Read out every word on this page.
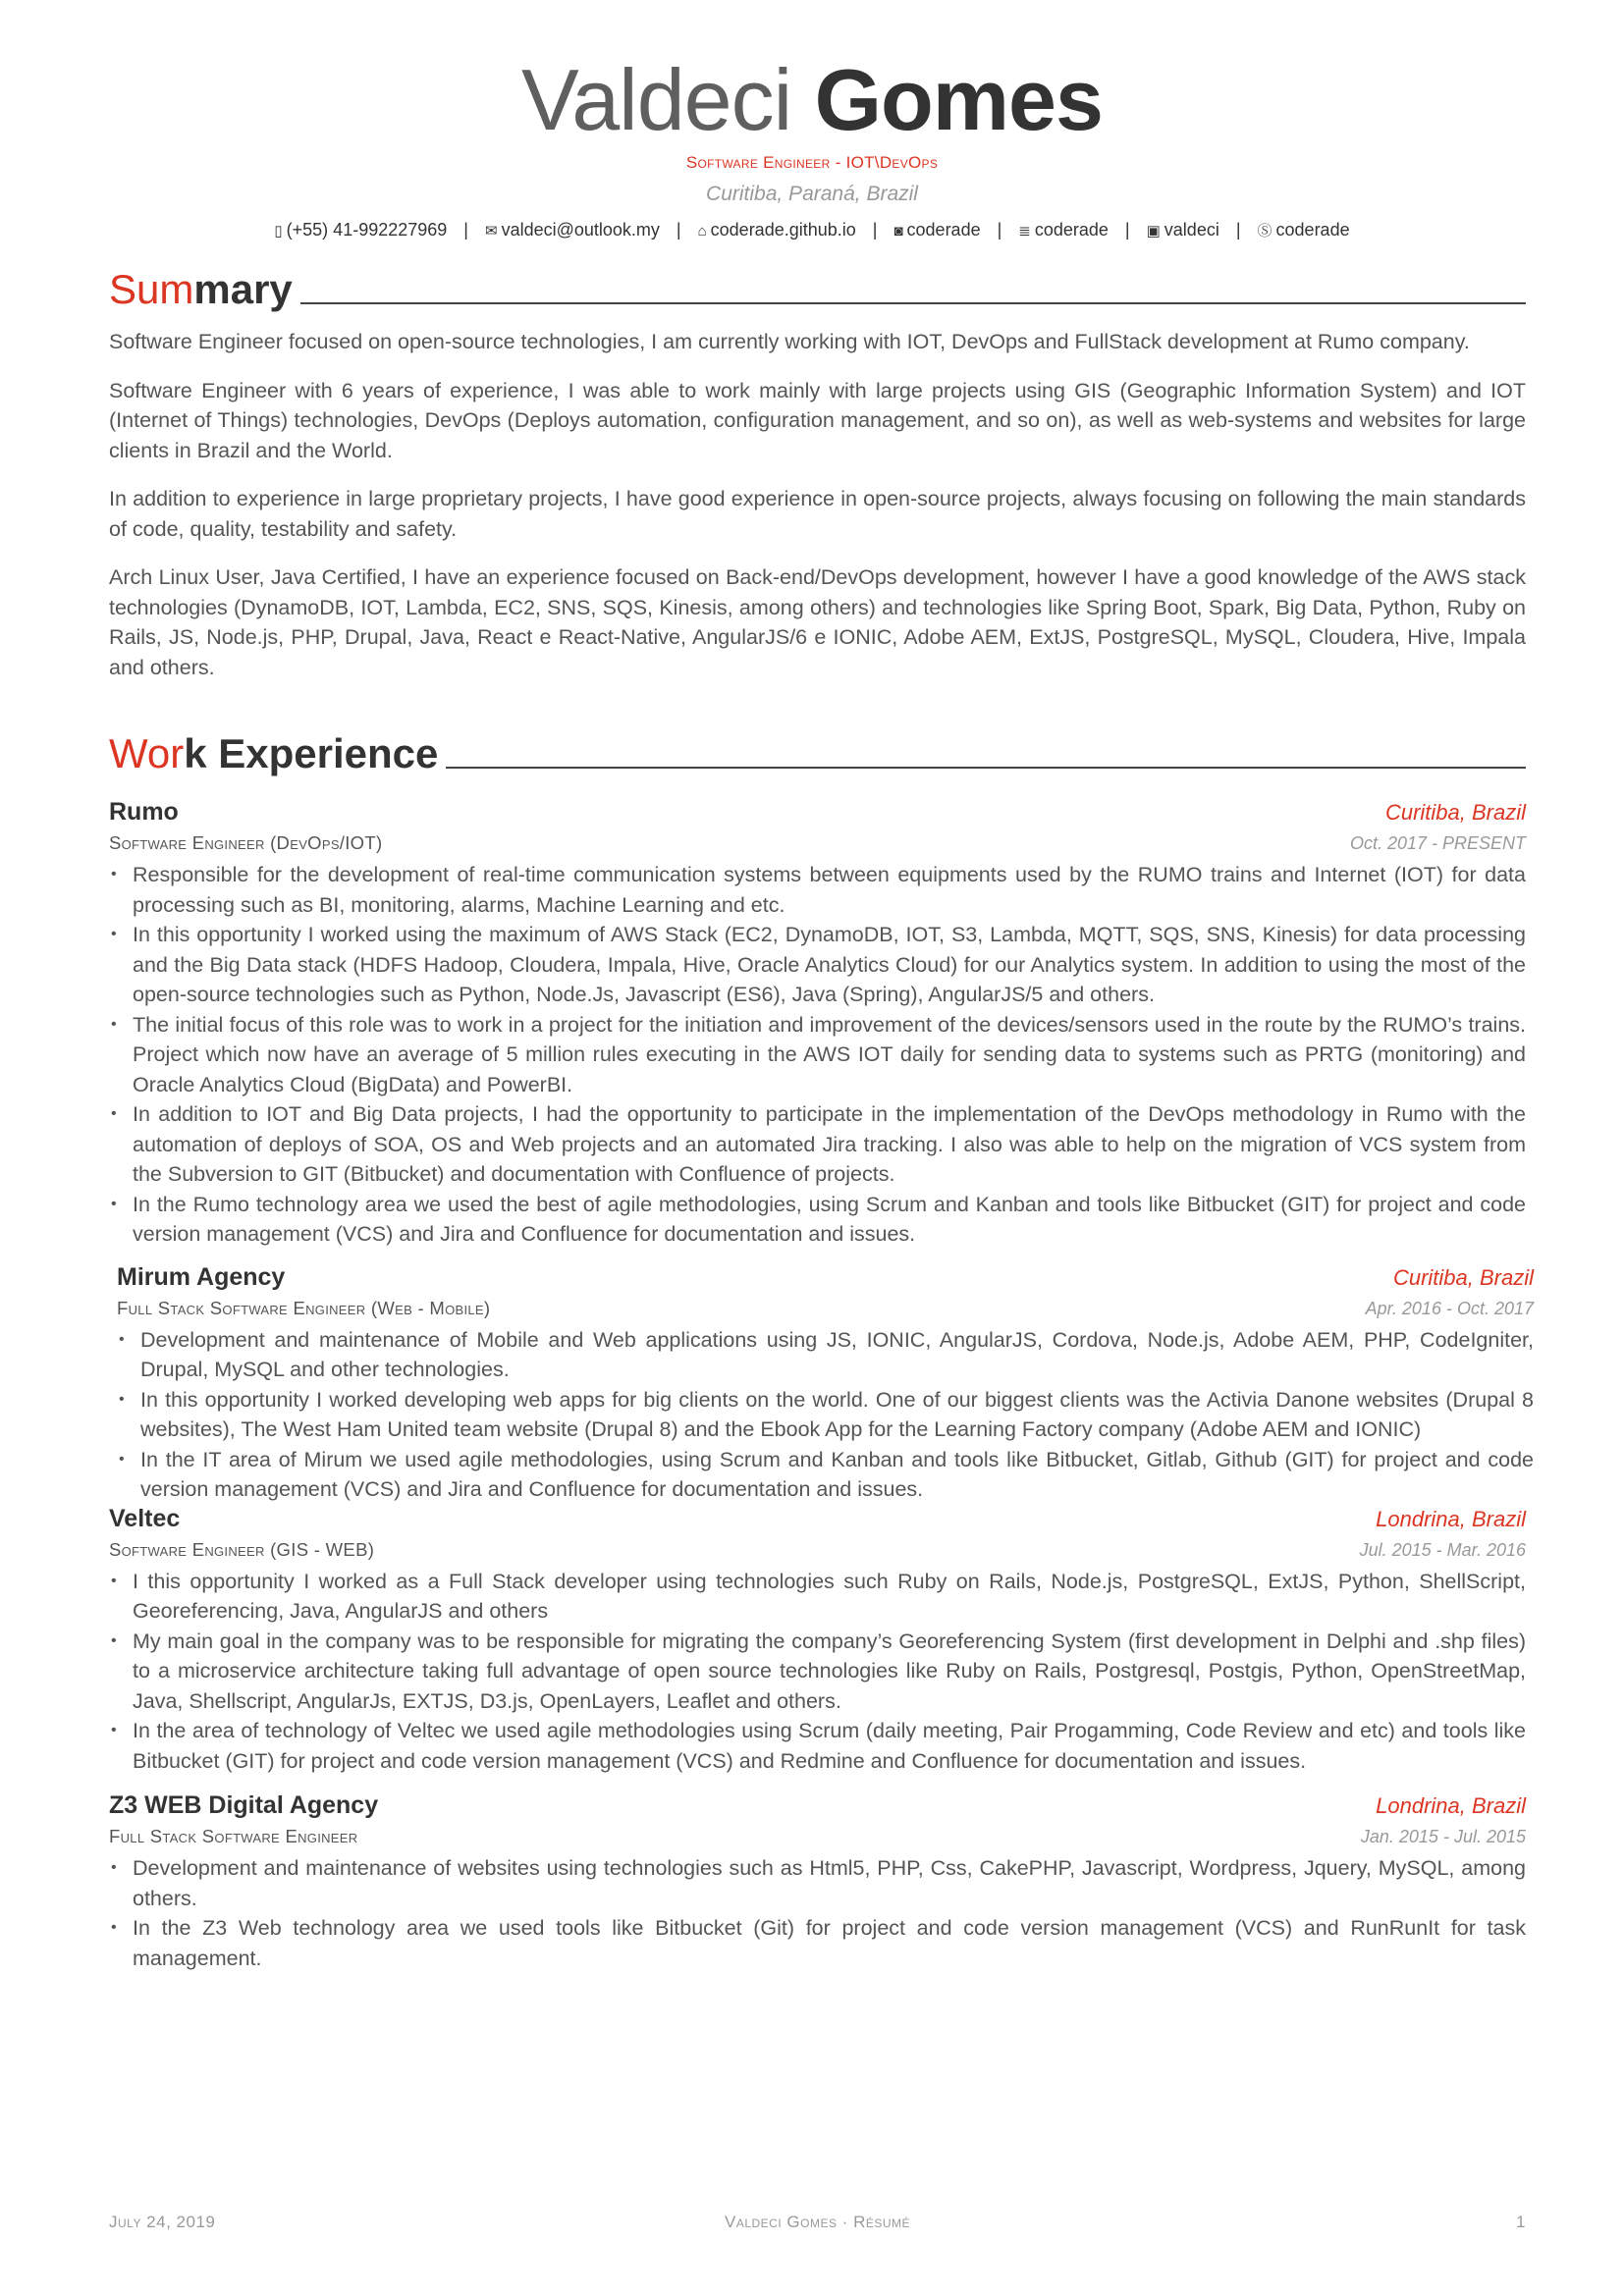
Valdeci Gomes
Software Engineer - IOT\DevOps
Curitiba, Paraná, Brazil
▯ (+55) 41-992227969 | ✉ valdeci@outlook.my | ⌂ coderade.github.io | ◙ coderade | ≣ coderade | ▣ valdeci | Ⓢ coderade
Sum mary

Software Engineer focused on open-source technologies, I am currently working with IOT, DevOps and FullStack development at Rumo company.

Software Engineer with 6 years of experience, I was able to work mainly with large projects using GIS (Geographic Information System) and IOT (Internet of Things) technologies, DevOps (Deploys automation, configuration management, and so on), as well as web-systems and websites for large clients in Brazil and the World.

In addition to experience in large proprietary projects, I have good experience in open-source projects, always focusing on following the main standards of code, quality, testability and safety.

Arch Linux User, Java Certified, I have an experience focused on Back-end/DevOps development, however I have a good knowledge of the AWS stack technologies (DynamoDB, IOT, Lambda, EC2, SNS, SQS, Kinesis, among others) and technologies like Spring Boot, Spark, Big Data, Python, Ruby on Rails, JS, Node.js, PHP, Drupal, Java, React e React-Native, AngularJS/6 e IONIC, Adobe AEM, ExtJS, PostgreSQL, MySQL, Cloudera, Hive, Impala and others.

Wor k Experience
Rumo	Curitiba, Brazil
Software Engineer (DevOps/IOT)	Oct. 2017 - PRESENT
• Responsible for the development of real-time communication systems between equipments used by the RUMO trains and Internet (IOT) for data processing such as BI, monitoring, alarms, Machine Learning and etc.
• In this opportunity I worked using the maximum of AWS Stack (EC2, DynamoDB, IOT, S3, Lambda, MQTT, SQS, SNS, Kinesis) for data processing and the Big Data stack (HDFS Hadoop, Cloudera, Impala, Hive, Oracle Analytics Cloud) for our Analytics system. In addition to using the most of the open-source technologies such as Python, Node.Js, Javascript (ES6), Java (Spring), AngularJS/5 and others.
• The initial focus of this role was to work in a project for the initiation and improvement of the devices/sensors used in the route by the RUMO’s trains. Project which now have an average of 5 million rules executing in the AWS IOT daily for sending data to systems such as PRTG (monitoring) and Oracle Analytics Cloud (BigData) and PowerBI.
• In addition to IOT and Big Data projects, I had the opportunity to participate in the implementation of the DevOps methodology in Rumo with the automation of deploys of SOA, OS and Web projects and an automated Jira tracking. I also was able to help on the migration of VCS system from the Subversion to GIT (Bitbucket) and documentation with Confluence of projects.
• In the Rumo technology area we used the best of agile methodologies, using Scrum and Kanban and tools like Bitbucket (GIT) for project and code version management (VCS) and Jira and Confluence for documentation and issues.
Mirum Agency	Curitiba, Brazil
Full Stack Software Engineer (Web - Mobile)	Apr. 2016 - Oct. 2017
• Development and maintenance of Mobile and Web applications using JS, IONIC, AngularJS, Cordova, Node.js, Adobe AEM, PHP, CodeIgniter, Drupal, MySQL and other technologies.
• In this opportunity I worked developing web apps for big clients on the world. One of our biggest clients was the Activia Danone websites (Drupal 8 websites), The West Ham United team website (Drupal 8) and the Ebook App for the Learning Factory company (Adobe AEM and IONIC)
• In the IT area of Mirum we used agile methodologies, using Scrum and Kanban and tools like Bitbucket, Gitlab, Github (GIT) for project and code version management (VCS) and Jira and Confluence for documentation and issues.
Veltec	Londrina, Brazil
Software Engineer (GIS - WEB)	Jul. 2015 - Mar. 2016
• I this opportunity I worked as a Full Stack developer using technologies such Ruby on Rails, Node.js, PostgreSQL, ExtJS, Python, ShellScript, Georeferencing, Java, AngularJS and others
• My main goal in the company was to be responsible for migrating the company’s Georeferencing System (first development in Delphi and .shp files) to a microservice architecture taking full advantage of open source technologies like Ruby on Rails, Postgresql, Postgis, Python, OpenStreetMap, Java, Shellscript, AngularJs, EXTJS, D3.js, OpenLayers, Leaflet and others.
• In the area of technology of Veltec we used agile methodologies using Scrum (daily meeting, Pair Progamming, Code Review and etc) and tools like Bitbucket (GIT) for project and code version management (VCS) and Redmine and Confluence for documentation and issues.
Z3 WEB Digital Agency	Londrina, Brazil
Full Stack Software Engineer	Jan. 2015 - Jul. 2015
• Development and maintenance of websites using technologies such as Html5, PHP, Css, CakePHP, Javascript, Wordpress, Jquery, MySQL, among others.
• In the Z3 Web technology area we used tools like Bitbucket (Git) for project and code version management (VCS) and RunRunIt for task management.
July 24, 2019	Valdeci Gomes · Résumé	1
